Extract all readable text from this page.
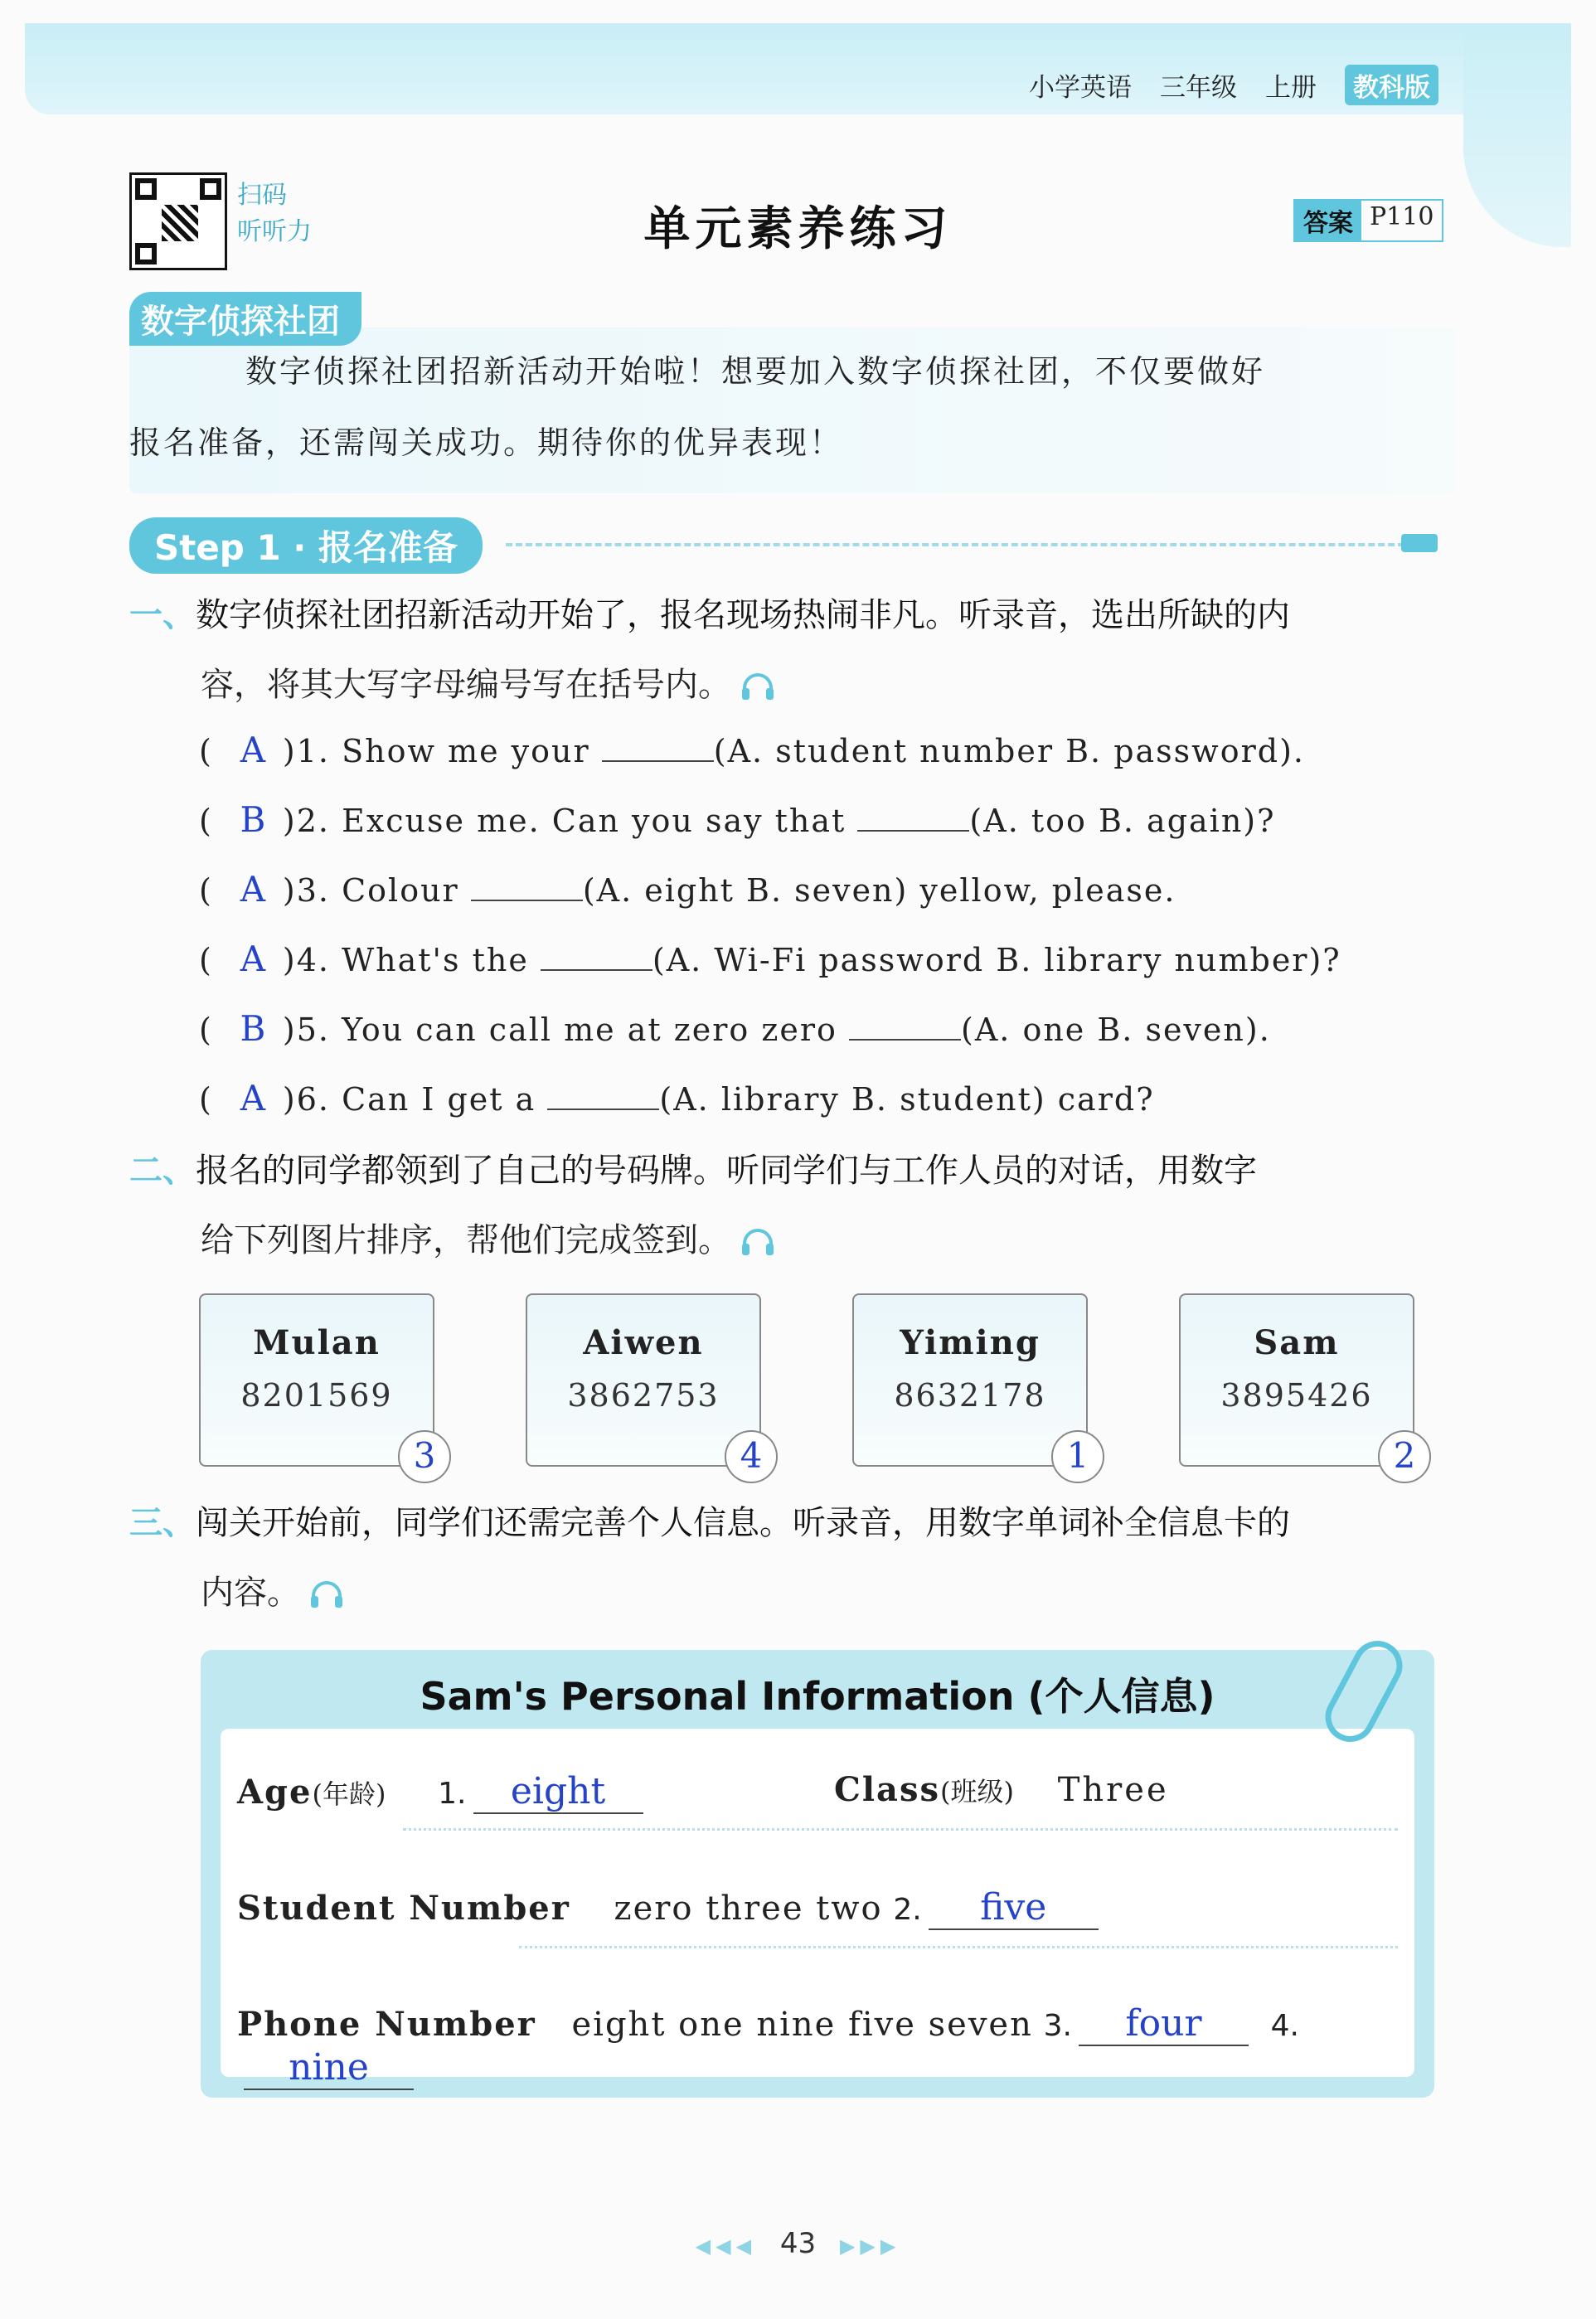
小学英语 三年级 上册	教科版
扫码
听听力	单元素养练习	答案 P110
数字侦探社团
数字侦探社团招新活动开始啦！想要加入数字侦探社团，不仅要做好
报名准备，还需闯关成功。期待你的优异表现！
Step 1 · 报名准备
一、数字侦探社团招新活动开始了，报名现场热闹非凡。听录音，选出所缺的内
容，将其大写字母编号写在括号内。
( A )1. Show me your	(A. student number B. password).
( B )2. Excuse me. Can you say that	(A. too B. again)?
( A )3. Colour	(A. eight B. seven) yellow, please.
( A )4. What's the	(A. Wi-Fi password B. library number)?
( B )5. You can call me at zero zero	(A. one B. seven).
( A )6. Can I get a	(A. library B. student) card?
二、报名的同学都领到了自己的号码牌。听同学们与工作人员的对话，用数字
给下列图片排序，帮他们完成签到。
Mulan
8201569
3
Aiwen
3862753
4
Yiming
8632178
1
Sam
3895426
2
三、闯关开始前，同学们还需完善个人信息。听录音，用数字单词补全信息卡的
内容。
Sam's Personal Information (个人信息)
Age(年龄) 1. eight	Class(班级) Three
Student Number zero three two 2. five
Phone Number eight one nine five seven 3. four 4.nine
◀◀◀ 43 ▶▶▶
